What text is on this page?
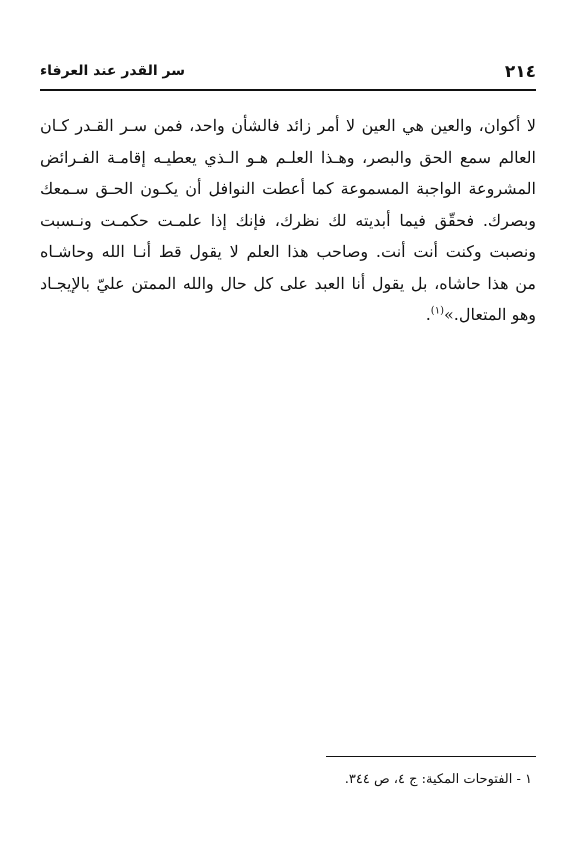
٢١٤
سر القدر عند العرفاء
لا أكوان، والعين هي العين لا أمر زائد فالشأن واحد، فمن سـر القـدر كـان
العالم سمع الحق والبصر، وهـذا العلـم هـو الـذي يعطيـه إقامـة الفـرائض
المشروعة الواجبة المسموعة كما أعطت النوافل أن يكـون الحـق سـمعك
وبصرك. فحقّق فيما أبديته لك نظرك، فإنك إذا علمـت حكمـت ونـسبت
ونصبت وكنت أنت أنت. وصاحب هذا العلم لا يقول قط أنـا الله وحاشـاه
من هذا حاشاه، بل يقول أنا العبد على كل حال والله الممتن عليّ بالإيجـاد
وهو المتعال.»$^{(١)}$.
١ - الفتوحات المكية: ج ٤، ص ٣٤٤.
